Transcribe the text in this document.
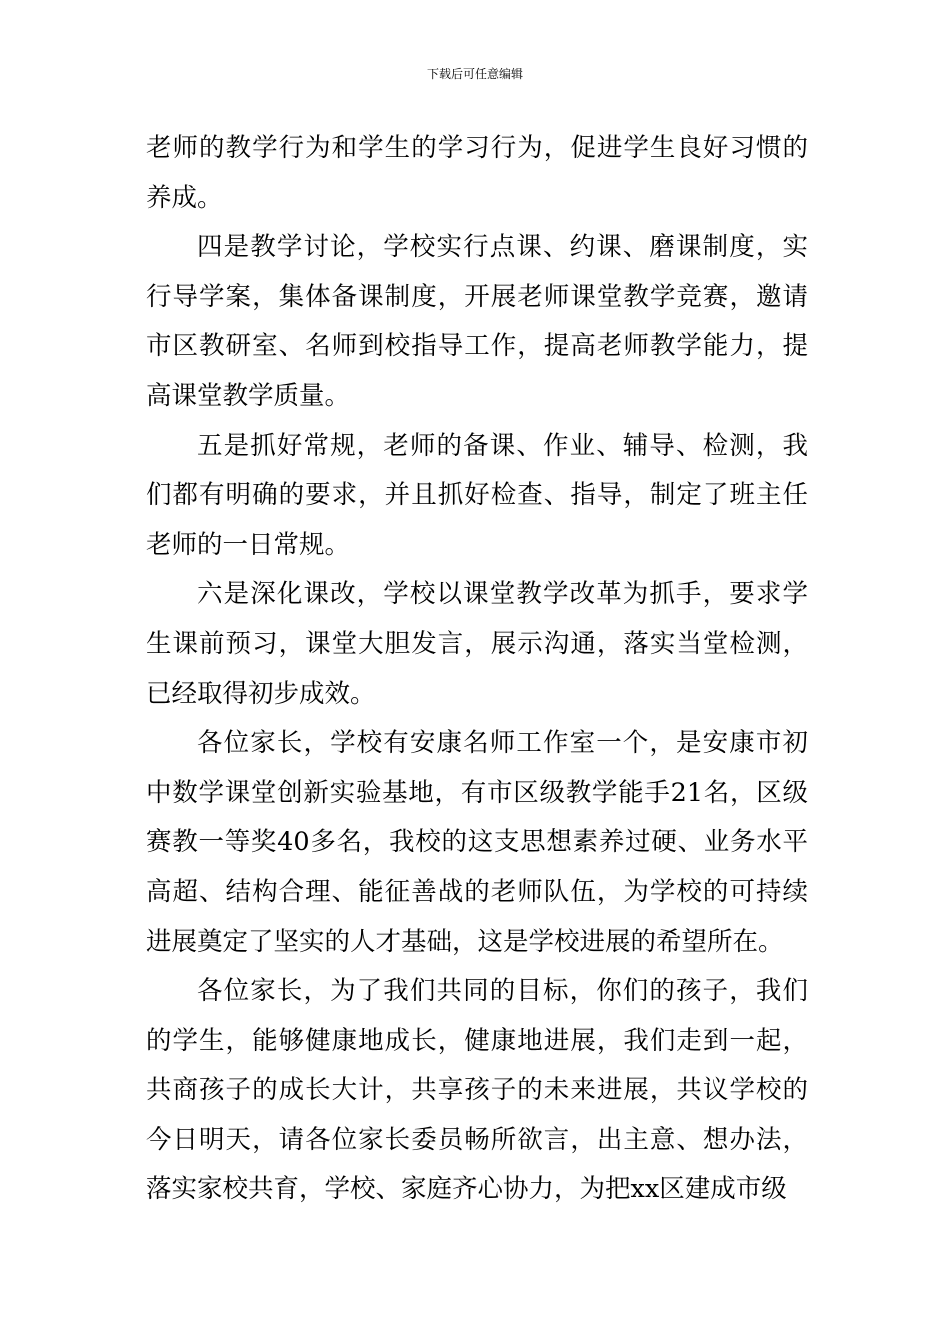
下载后可任意编辑

老师的教学行为和学生的学习行为，促进学生良好习惯的养成。

四是教学讨论，学校实行点课、约课、磨课制度，实行导学案，集体备课制度，开展老师课堂教学竞赛，邀请市区教研室、名师到校指导工作，提高老师教学能力，提高课堂教学质量。

五是抓好常规，老师的备课、作业、辅导、检测，我们都有明确的要求，并且抓好检查、指导，制定了班主任老师的一日常规。

六是深化课改，学校以课堂教学改革为抓手，要求学生课前预习，课堂大胆发言，展示沟通，落实当堂检测，已经取得初步成效。

各位家长，学校有安康名师工作室一个，是安康市初中数学课堂创新实验基地，有市区级教学能手21名，区级赛教一等奖40多名，我校的这支思想素养过硬、业务水平高超、结构合理、能征善战的老师队伍，为学校的可持续进展奠定了坚实的人才基础，这是学校进展的希望所在。

各位家长，为了我们共同的目标，你们的孩子，我们的学生，能够健康地成长，健康地进展，我们走到一起，共商孩子的成长大计，共享孩子的未来进展，共议学校的今日明天，请各位家长委员畅所欲言，出主意、想办法，落实家校共育，学校、家庭齐心协力，为把xx区建成市级
